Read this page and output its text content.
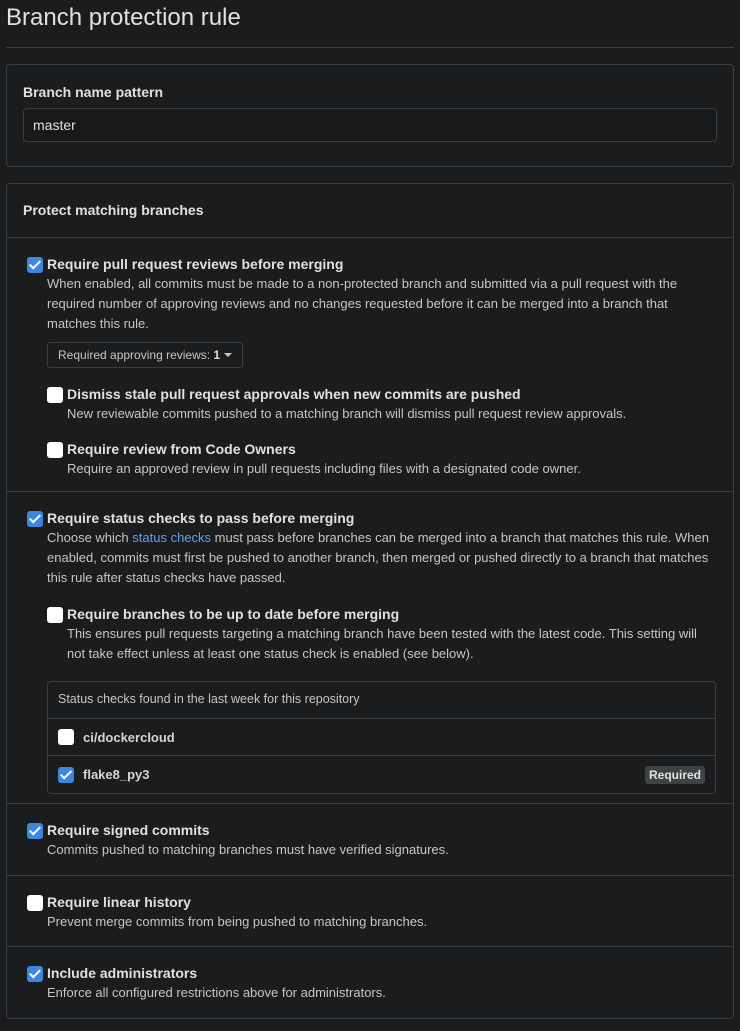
Branch protection rule
Branch name pattern
master
Protect matching branches
Require pull request reviews before merging
When enabled, all commits must be made to a non-protected branch and submitted via a pull request with the required number of approving reviews and no changes requested before it can be merged into a branch that matches this rule.
Required approving reviews: 1
Dismiss stale pull request approvals when new commits are pushed
New reviewable commits pushed to a matching branch will dismiss pull request review approvals.
Require review from Code Owners
Require an approved review in pull requests including files with a designated code owner.
Require status checks to pass before merging
Choose which status checks must pass before branches can be merged into a branch that matches this rule. When enabled, commits must first be pushed to another branch, then merged or pushed directly to a branch that matches this rule after status checks have passed.
Require branches to be up to date before merging
This ensures pull requests targeting a matching branch have been tested with the latest code. This setting will not take effect unless at least one status check is enabled (see below).
Status checks found in the last week for this repository
ci/dockercloud
flake8_py3	Required
Require signed commits
Commits pushed to matching branches must have verified signatures.
Require linear history
Prevent merge commits from being pushed to matching branches.
Include administrators
Enforce all configured restrictions above for administrators.
